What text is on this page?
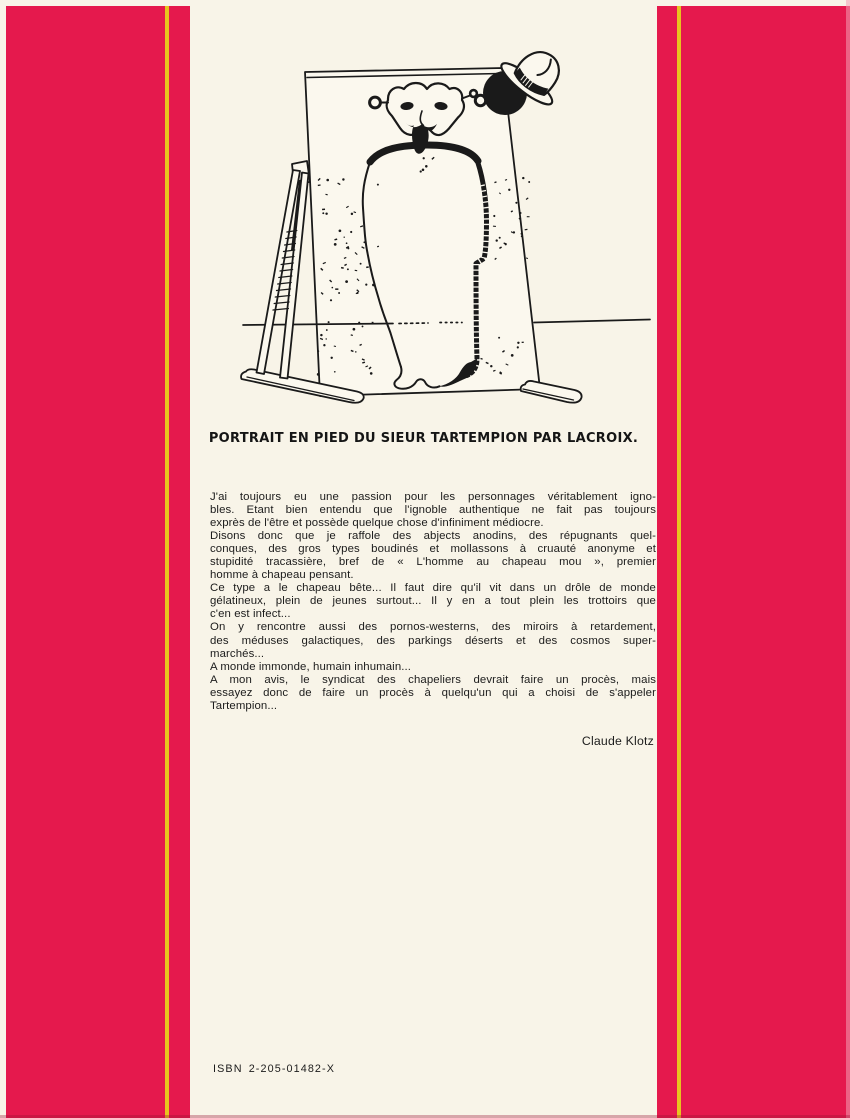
PORTRAIT EN PIED DU SIEUR TARTEMPION PAR LACROIX.
J'ai toujours eu une passion pour les personnages véritablement igno-
bles. Etant bien entendu que l'ignoble authentique ne fait pas toujours
exprès de l'être et possède quelque chose d'infiniment médiocre.
Disons donc que je raffole des abjects anodins, des répugnants quel-
conques, des gros types boudinés et mollassons à cruauté anonyme et
stupidité tracassière, bref de « L'homme au chapeau mou », premier
homme à chapeau pensant.
Ce type a le chapeau bête... Il faut dire qu'il vit dans un drôle de monde
gélatineux, plein de jeunes surtout... Il y en a tout plein les trottoirs que
c'en est infect...
On y rencontre aussi des pornos-westerns, des miroirs à retardement,
des méduses galactiques, des parkings déserts et des cosmos super-
marchés...
A monde immonde, humain inhumain...
A mon avis, le syndicat des chapeliers devrait faire un procès, mais
essayez donc de faire un procès à quelqu'un qui a choisi de s'appeler
Tartempion...
Claude Klotz
ISBN 2-205-01482-X
